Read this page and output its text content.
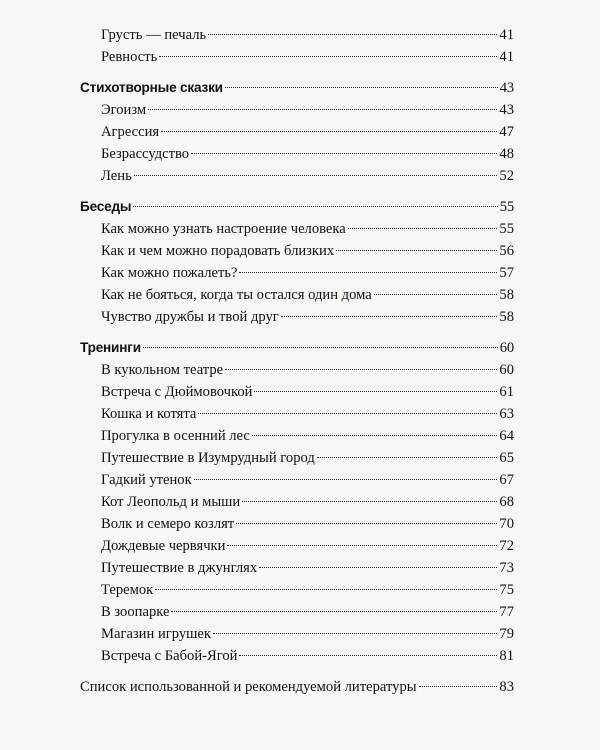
Грусть — печаль	41
Ревность	41
Стихотворные сказки	43
Эгоизм	43
Агрессия	47
Безрассудство	48
Лень	52
Беседы	55
Как можно узнать настроение человека	55
Как и чем можно порадовать близких	56
Как можно пожалеть?	57
Как не бояться, когда ты остался один дома	58
Чувство дружбы и твой друг	58
Тренинги	60
В кукольном театре	60
Встреча с Дюймовочкой	61
Кошка и котята	63
Прогулка в осенний лес	64
Путешествие в Изумрудный город	65
Гадкий утенок	67
Кот Леопольд и мыши	68
Волк и семеро козлят	70
Дождевые червячки	72
Путешествие в джунглях	73
Теремок	75
В зоопарке	77
Магазин игрушек	79
Встреча с Бабой-Ягой	81
Список использованной и рекомендуемой литературы	83
